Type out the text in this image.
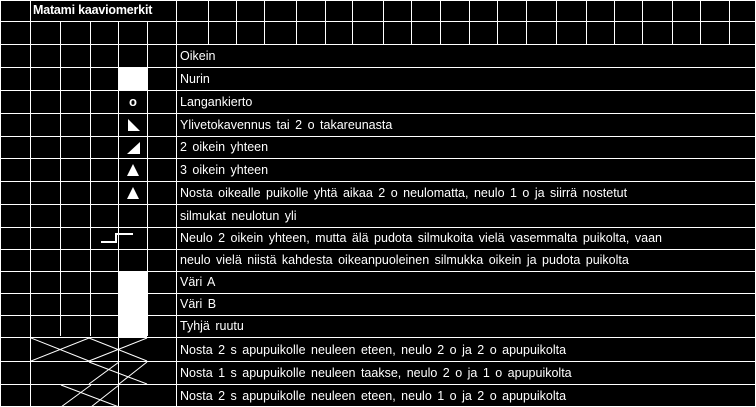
Matami kaaviomerkit
o
Oikein
Nurin
Langankierto
Ylivetokavennus tai 2 o takareunasta
2 oikein yhteen
3 oikein yhteen
Nosta oikealle puikolle yhtä aikaa 2 o neulomatta, neulo 1 o ja siirrä nostetut
silmukat neulotun yli
Neulo 2 oikein yhteen, mutta älä pudota silmukoita vielä vasemmalta puikolta, vaan
neulo vielä niistä kahdesta oikeanpuoleinen silmukka oikein ja pudota puikolta
Väri A
Väri B
Tyhjä ruutu
Nosta 2 s apupuikolle neuleen eteen, neulo 2 o ja 2 o apupuikolta
Nosta 1 s apupuikolle neuleen taakse, neulo 2 o ja 1 o apupuikolta
Nosta 2 s apupuikolle neuleen eteen, neulo 1 o ja 2 o apupuikolta
